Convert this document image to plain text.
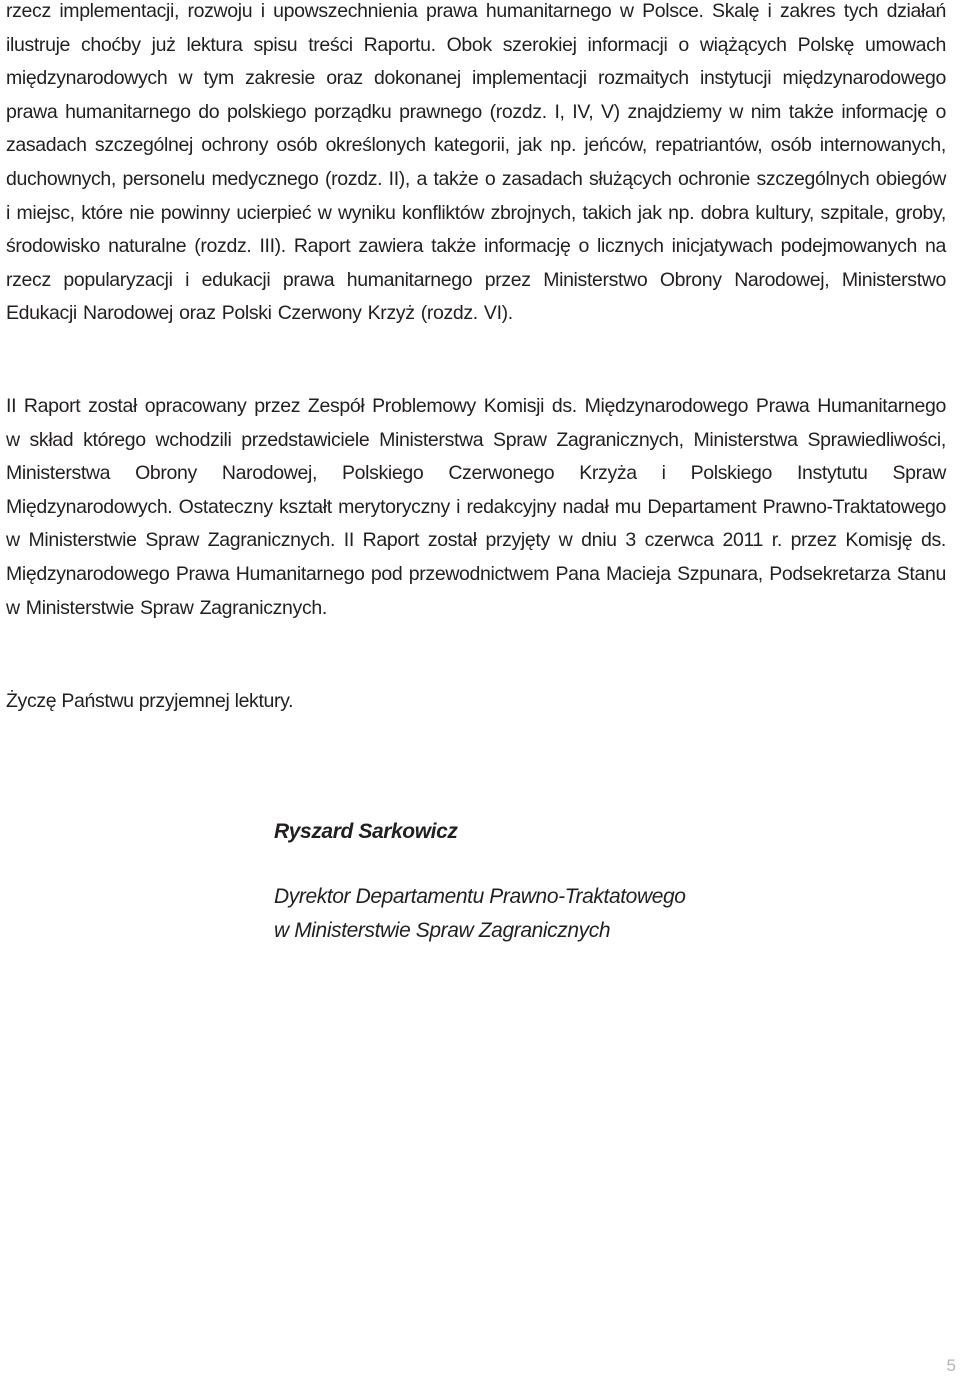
rzecz implementacji, rozwoju i upowszechnienia prawa humanitarnego w Polsce. Skalę i zakres tych działań ilustruje choćby już lektura spisu treści Raportu. Obok szerokiej informacji o wiążących Polskę umowach międzynarodowych w tym zakresie oraz dokonanej implementacji rozmaitych instytucji międzynarodowego prawa humanitarnego do polskiego porządku prawnego (rozdz. I, IV, V) znajdziemy w nim także informację o zasadach szczególnej ochrony osób określonych kategorii, jak np. jeńców, repatriantów, osób internowanych, duchownych, personelu medycznego (rozdz. II), a także o zasadach służących ochronie szczególnych obiegów i miejsc, które nie powinny ucierpieć w wyniku konfliktów zbrojnych, takich jak np. dobra kultury, szpitale, groby, środowisko naturalne (rozdz. III). Raport zawiera także informację o licznych inicjatywach podejmowanych na rzecz popularyzacji i edukacji prawa humanitarnego przez Ministerstwo Obrony Narodowej, Ministerstwo Edukacji Narodowej oraz Polski Czerwony Krzyż (rozdz. VI).

II Raport został opracowany przez Zespół Problemowy Komisji ds. Międzynarodowego Prawa Humanitarnego w skład którego wchodzili przedstawiciele Ministerstwa Spraw Zagranicznych, Ministerstwa Sprawiedliwości, Ministerstwa Obrony Narodowej, Polskiego Czerwonego Krzyża i Polskiego Instytutu Spraw Międzynarodowych. Ostateczny kształt merytoryczny i redakcyjny nadał mu Departament Prawno-Traktatowego w Ministerstwie Spraw Zagranicznych. II Raport został przyjęty w dniu 3 czerwca 2011 r. przez Komisję ds. Międzynarodowego Prawa Humanitarnego pod przewodnictwem Pana Macieja Szpunara, Podsekretarza Stanu w Ministerstwie Spraw Zagranicznych.

Życzę Państwu przyjemnej lektury.

Ryszard Sarkowicz

Dyrektor Departamentu Prawno-Traktatowego

w Ministerstwie Spraw Zagranicznych

5
